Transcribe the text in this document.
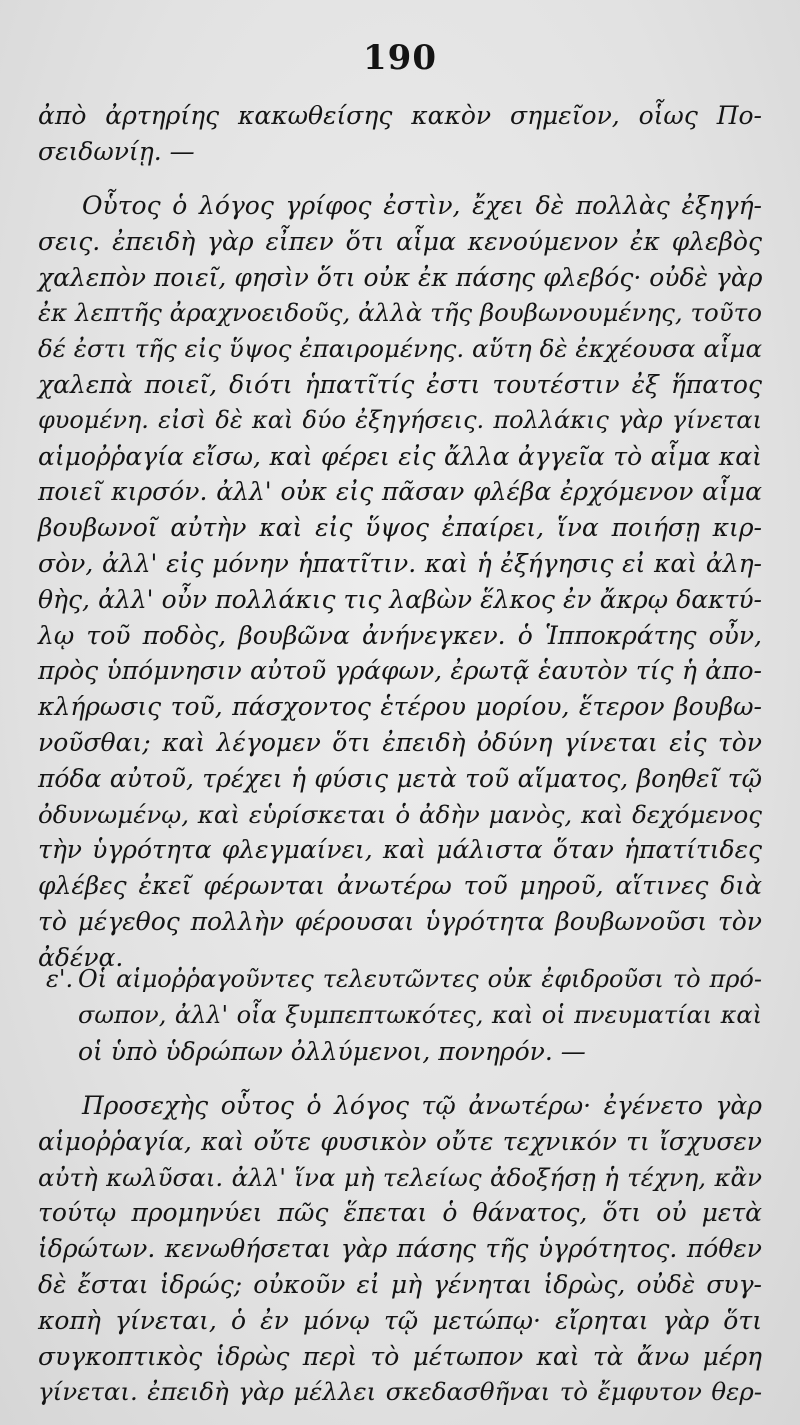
190
ἀπὸ ἀρτηρίης κακωθείσης κακὸν σημεῖον, οἷως Πο-
σειδωνίῃ. —
Οὗτος ὁ λόγος γρίφος ἐστὶν, ἔχει δὲ πολλὰς ἐξηγή-
σεις. ἐπειδὴ γὰρ εἶπεν ὅτι αἷμα κενούμενον ἐκ φλεβὸς
χαλεπὸν ποιεῖ, φησὶν ὅτι οὐκ ἐκ πάσης φλεβός· οὐδὲ γὰρ
ἐκ λεπτῆς ἀραχνοειδοῦς, ἀλλὰ τῆς βουβωνουμένης, τοῦτο
δέ ἐστι τῆς εἰς ὕψος ἐπαιρομένης. αὕτη δὲ ἐκχέουσα αἷμα
χαλεπὰ ποιεῖ, διότι ἡπατῖτίς ἐστι τουτέστιν ἐξ ἥπατος
φυομένη. εἰσὶ δὲ καὶ δύο ἐξηγήσεις. πολλάκις γὰρ γίνεται
αἱμοῤῥαγία εἴσω, καὶ φέρει εἰς ἄλλα ἀγγεῖα τὸ αἷμα καὶ
ποιεῖ κιρσόν. ἀλλ' οὐκ εἰς πᾶσαν φλέβα ἐρχόμενον αἷμα
βουβωνοῖ αὐτὴν καὶ εἰς ὕψος ἐπαίρει, ἵνα ποιήσῃ κιρ-
σὸν, ἀλλ' εἰς μόνην ἡπατῖτιν. καὶ ἡ ἐξήγησις εἰ καὶ ἀλη-
θὴς, ἀλλ' οὖν πολλάκις τις λαβὼν ἕλκος ἐν ἄκρῳ δακτύ-
λῳ τοῦ ποδὸς, βουβῶνα ἀνήνεγκεν. ὁ Ἱπποκράτης οὖν,
πρὸς ὑπόμνησιν αὐτοῦ γράφων, ἐρωτᾷ ἑαυτὸν τίς ἡ ἀπο-
κλήρωσις τοῦ, πάσχοντος ἑτέρου μορίου, ἕτερον βουβω-
νοῦσθαι; καὶ λέγομεν ὅτι ἐπειδὴ ὀδύνη γίνεται εἰς τὸν
πόδα αὐτοῦ, τρέχει ἡ φύσις μετὰ τοῦ αἵματος, βοηθεῖ τῷ
ὀδυνωμένῳ, καὶ εὑρίσκεται ὁ ἀδὴν μανὸς, καὶ δεχόμενος
τὴν ὑγρότητα φλεγμαίνει, καὶ μάλιστα ὅταν ἡπατίτιδες
φλέβες ἐκεῖ φέρωνται ἀνωτέρω τοῦ μηροῦ, αἵτινες διὰ
τὸ μέγεθος πολλὴν φέρουσαι ὑγρότητα βουβωνοῦσι τὸν
ἀδένα.
ε'. Οἱ αἱμοῤῥαγοῦντες τελευτῶντες οὐκ ἐφιδροῦσι τὸ πρό-
σωπον, ἀλλ' οἷα ξυμπεπτωκότες, καὶ οἱ πνευματίαι καὶ
οἱ ὑπὸ ὑδρώπων ὀλλύμενοι, πονηρόν. —
Προσεχὴς οὗτος ὁ λόγος τῷ ἀνωτέρω· ἐγένετο γὰρ
αἱμοῤῥαγία, καὶ οὔτε φυσικὸν οὔτε τεχνικόν τι ἴσχυσεν
αὐτὴ κωλῦσαι. ἀλλ' ἵνα μὴ τελείως ἀδοξήσῃ ἡ τέχνη, κἂν
τούτῳ προμηνύει πῶς ἕπεται ὁ θάνατος, ὅτι οὐ μετὰ
ἱδρώτων. κενωθήσεται γὰρ πάσης τῆς ὑγρότητος. πόθεν
δὲ ἔσται ἱδρώς; οὐκοῦν εἰ μὴ γένηται ἱδρὼς, οὐδὲ συγ-
κοπὴ γίνεται, ὁ ἐν μόνῳ τῷ μετώπῳ· εἴρηται γὰρ ὅτι
συγκοπτικὸς ἱδρὼς περὶ τὸ μέτωπον καὶ τὰ ἄνω μέρη
γίνεται. ἐπειδὴ γὰρ μέλλει σκεδασθῆναι τὸ ἔμφυτον θερ-
